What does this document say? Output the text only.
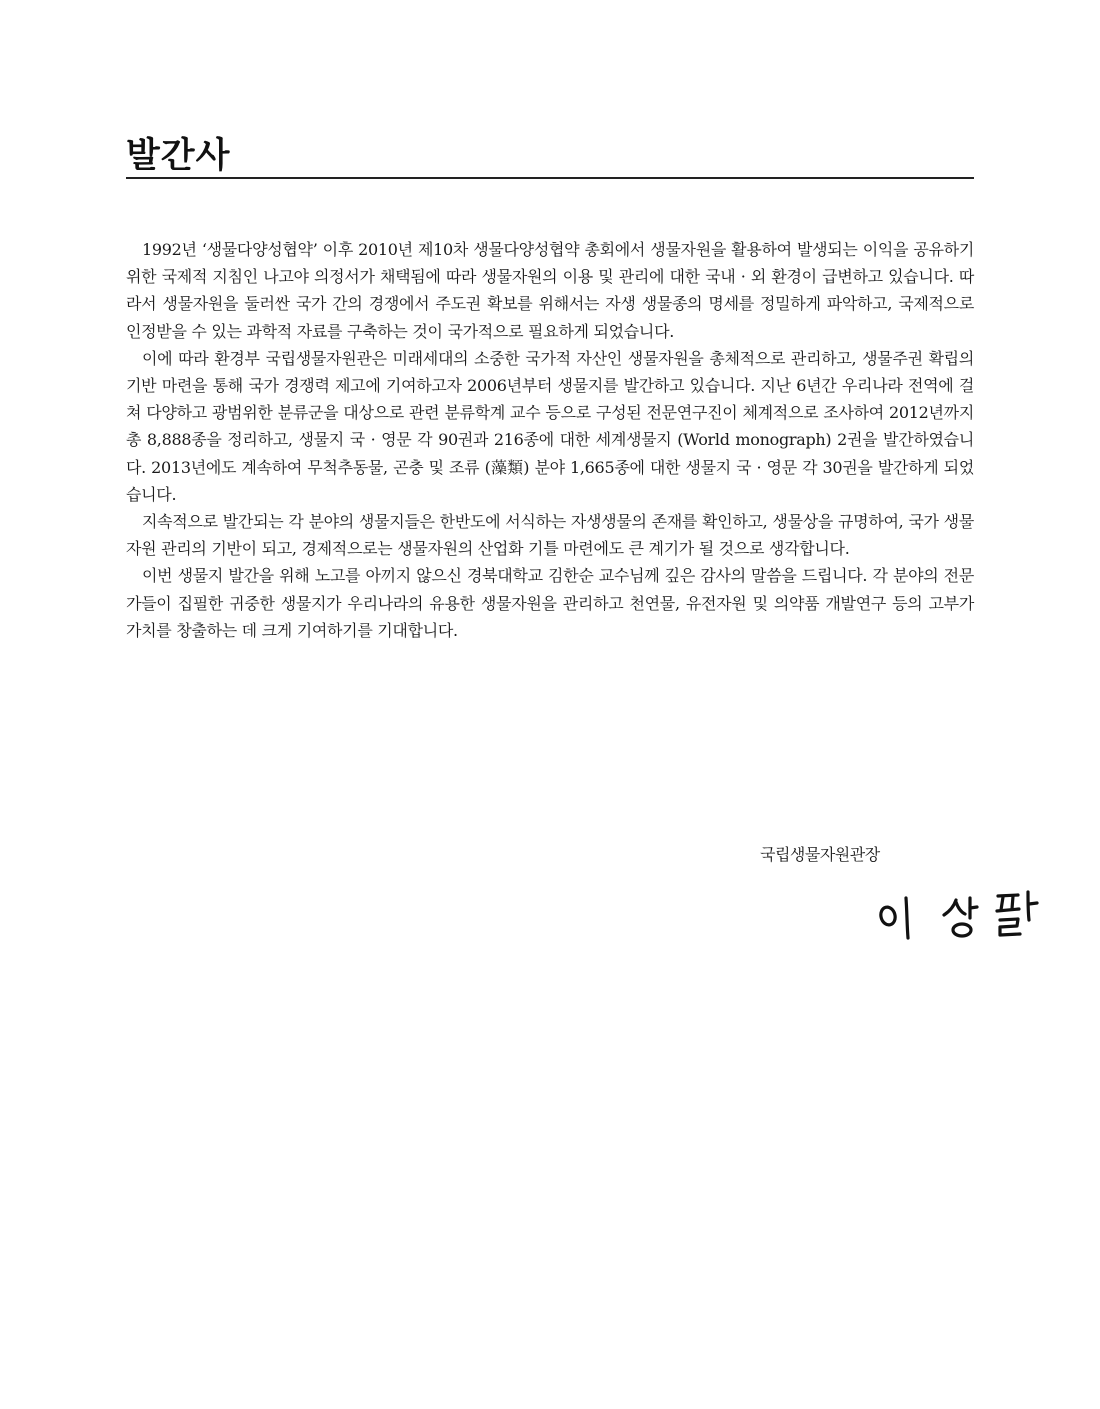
발간사

1992년 ‘생물다양성협약’ 이후 2010년 제10차 생물다양성협약 총회에서 생물자원을 활용하여 발생되는 이익을 공유하기 위한 국제적 지침인 나고야 의정서가 채택됨에 따라 생물자원의 이용 및 관리에 대한 국내 · 외 환경이 급변하고 있습니다. 따라서 생물자원을 둘러싼 국가 간의 경쟁에서 주도권 확보를 위해서는 자생 생물종의 명세를 정밀하게 파악하고, 국제적으로 인정받을 수 있는 과학적 자료를 구축하는 것이 국가적으로 필요하게 되었습니다.

이에 따라 환경부 국립생물자원관은 미래세대의 소중한 국가적 자산인 생물자원을 총체적으로 관리하고, 생물주권 확립의 기반 마련을 통해 국가 경쟁력 제고에 기여하고자 2006년부터 생물지를 발간하고 있습니다. 지난 6년간 우리나라 전역에 걸쳐 다양하고 광범위한 분류군을 대상으로 관련 분류학계 교수 등으로 구성된 전문연구진이 체계적으로 조사하여 2012년까지 총 8,888종을 정리하고, 생물지 국 · 영문 각 90권과 216종에 대한 세계생물지 (World monograph) 2권을 발간하였습니다. 2013년에도 계속하여 무척추동물, 곤충 및 조류 (藻類) 분야 1,665종에 대한 생물지 국 · 영문 각 30권을 발간하게 되었습니다.

지속적으로 발간되는 각 분야의 생물지들은 한반도에 서식하는 자생생물의 존재를 확인하고, 생물상을 규명하여, 국가 생물자원 관리의 기반이 되고, 경제적으로는 생물자원의 산업화 기틀 마련에도 큰 계기가 될 것으로 생각합니다.

이번 생물지 발간을 위해 노고를 아끼지 않으신 경북대학교 김한순 교수님께 깊은 감사의 말씀을 드립니다. 각 분야의 전문가들이 집필한 귀중한 생물지가 우리나라의 유용한 생물자원을 관리하고 천연물, 유전자원 및 의약품 개발연구 등의 고부가 가치를 창출하는 데 크게 기여하기를 기대합니다.

국립생물자원관장
